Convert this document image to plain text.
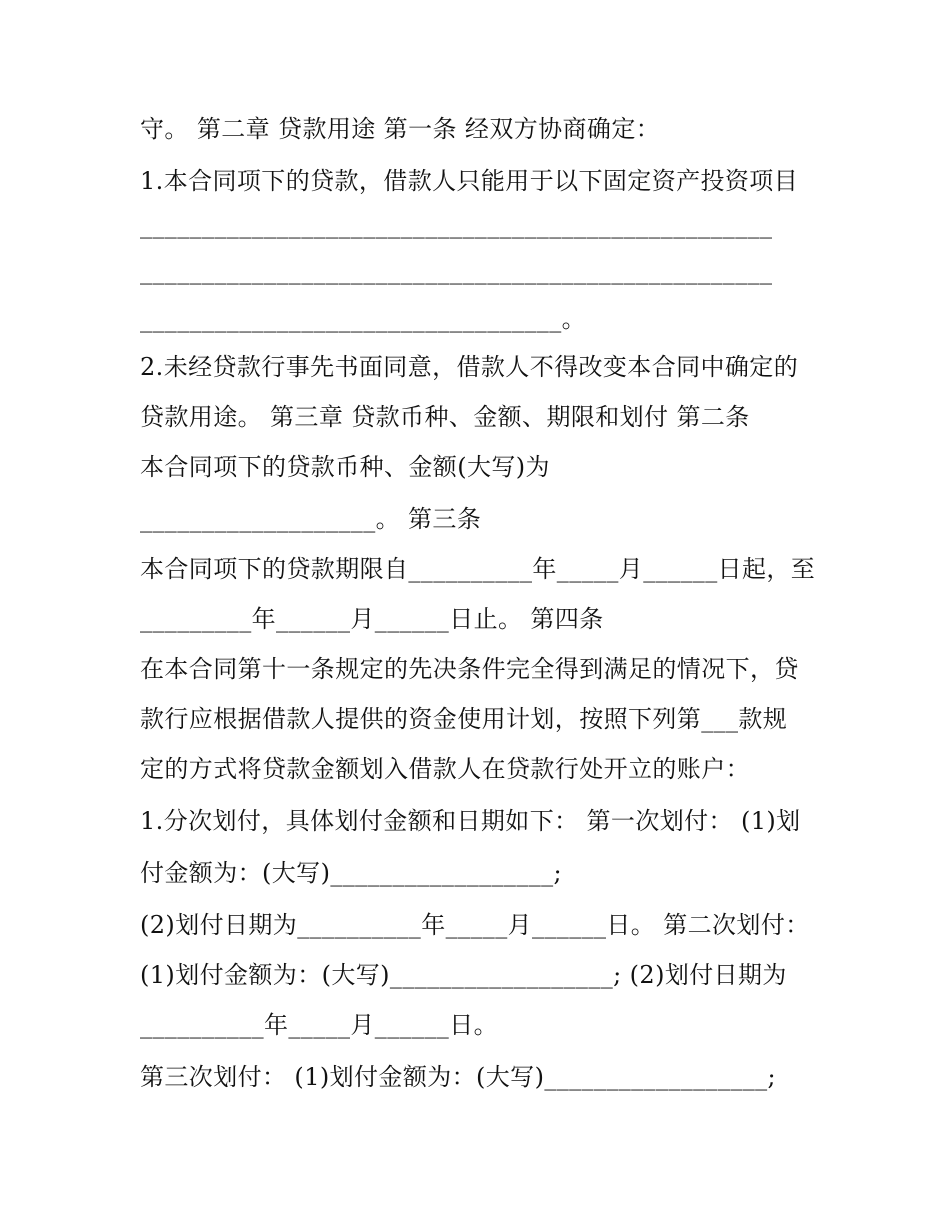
守。 第二章 贷款用途 第一条 经双方协商确定：
1.本合同项下的贷款，借款人只能用于以下固定资产投资项目
___________________________________________________
___________________________________________________
__________________________________。
2.未经贷款行事先书面同意，借款人不得改变本合同中确定的
贷款用途。 第三章 贷款币种、金额、期限和划付 第二条
本合同项下的贷款币种、金额(大写)为
___________________。 第三条
本合同项下的贷款期限自__________年_____月______日起，至
_________年______月______日止。 第四条
在本合同第十一条规定的先决条件完全得到满足的情况下，贷
款行应根据借款人提供的资金使用计划，按照下列第___款规
定的方式将贷款金额划入借款人在贷款行处开立的账户：
1.分次划付，具体划付金额和日期如下： 第一次划付： (1)划
付金额为：(大写)__________________;
(2)划付日期为__________年_____月______日。 第二次划付：
(1)划付金额为：(大写)__________________; (2)划付日期为
__________年_____月______日。
第三次划付： (1)划付金额为：(大写)__________________;
